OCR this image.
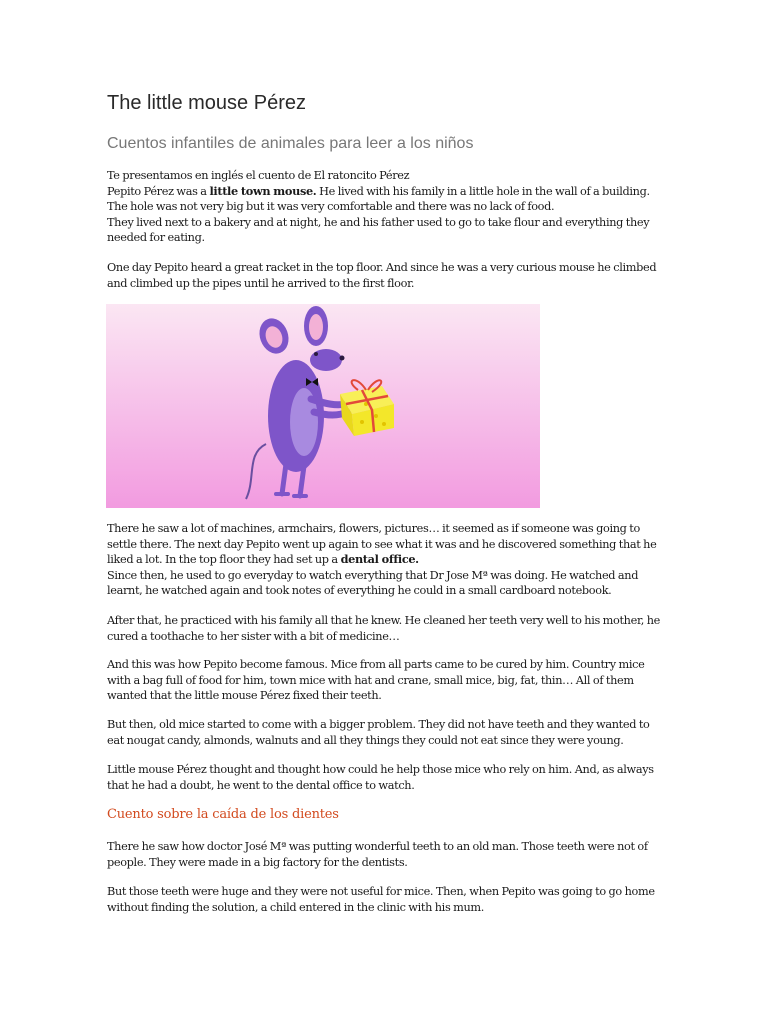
The little mouse Pérez
Cuentos infantiles de animales para leer a los niños
Te presentamos en inglés el cuento de El ratoncito Pérez
Pepito Pérez was a little town mouse. He lived with his family in a little hole in the wall of a building.
The hole was not very big but it was very comfortable and there was no lack of food.
They lived next to a bakery and at night, he and his father used to go to take flour and everything they
needed for eating.
One day Pepito heard a great racket in the top floor. And since he was a very curious mouse he climbed
and climbed up the pipes until he arrived to the first floor.
There he saw a lot of machines, armchairs, flowers, pictures… it seemed as if someone was going to
settle there. The next day Pepito went up again to see what it was and he discovered something that he
liked a lot. In the top floor they had set up a dental office.
Since then, he used to go everyday to watch everything that Dr Jose Mª was doing. He watched and
learnt, he watched again and took notes of everything he could in a small cardboard notebook.
After that, he practiced with his family all that he knew. He cleaned her teeth very well to his mother, he
cured a toothache to her sister with a bit of medicine…
And this was how Pepito become famous. Mice from all parts came to be cured by him. Country mice
with a bag full of food for him, town mice with hat and crane, small mice, big, fat, thin… All of them
wanted that the little mouse Pérez fixed their teeth.
But then, old mice started to come with a bigger problem. They did not have teeth and they wanted to
eat nougat candy, almonds, walnuts and all they things they could not eat since they were young.
Little mouse Pérez thought and thought how could he help those mice who rely on him. And, as always
that he had a doubt, he went to the dental office to watch.
Cuento sobre la caída de los dientes
There he saw how doctor José Mª was putting wonderful teeth to an old man. Those teeth were not of
people. They were made in a big factory for the dentists.
But those teeth were huge and they were not useful for mice. Then, when Pepito was going to go home
without finding the solution, a child entered in the clinic with his mum.
